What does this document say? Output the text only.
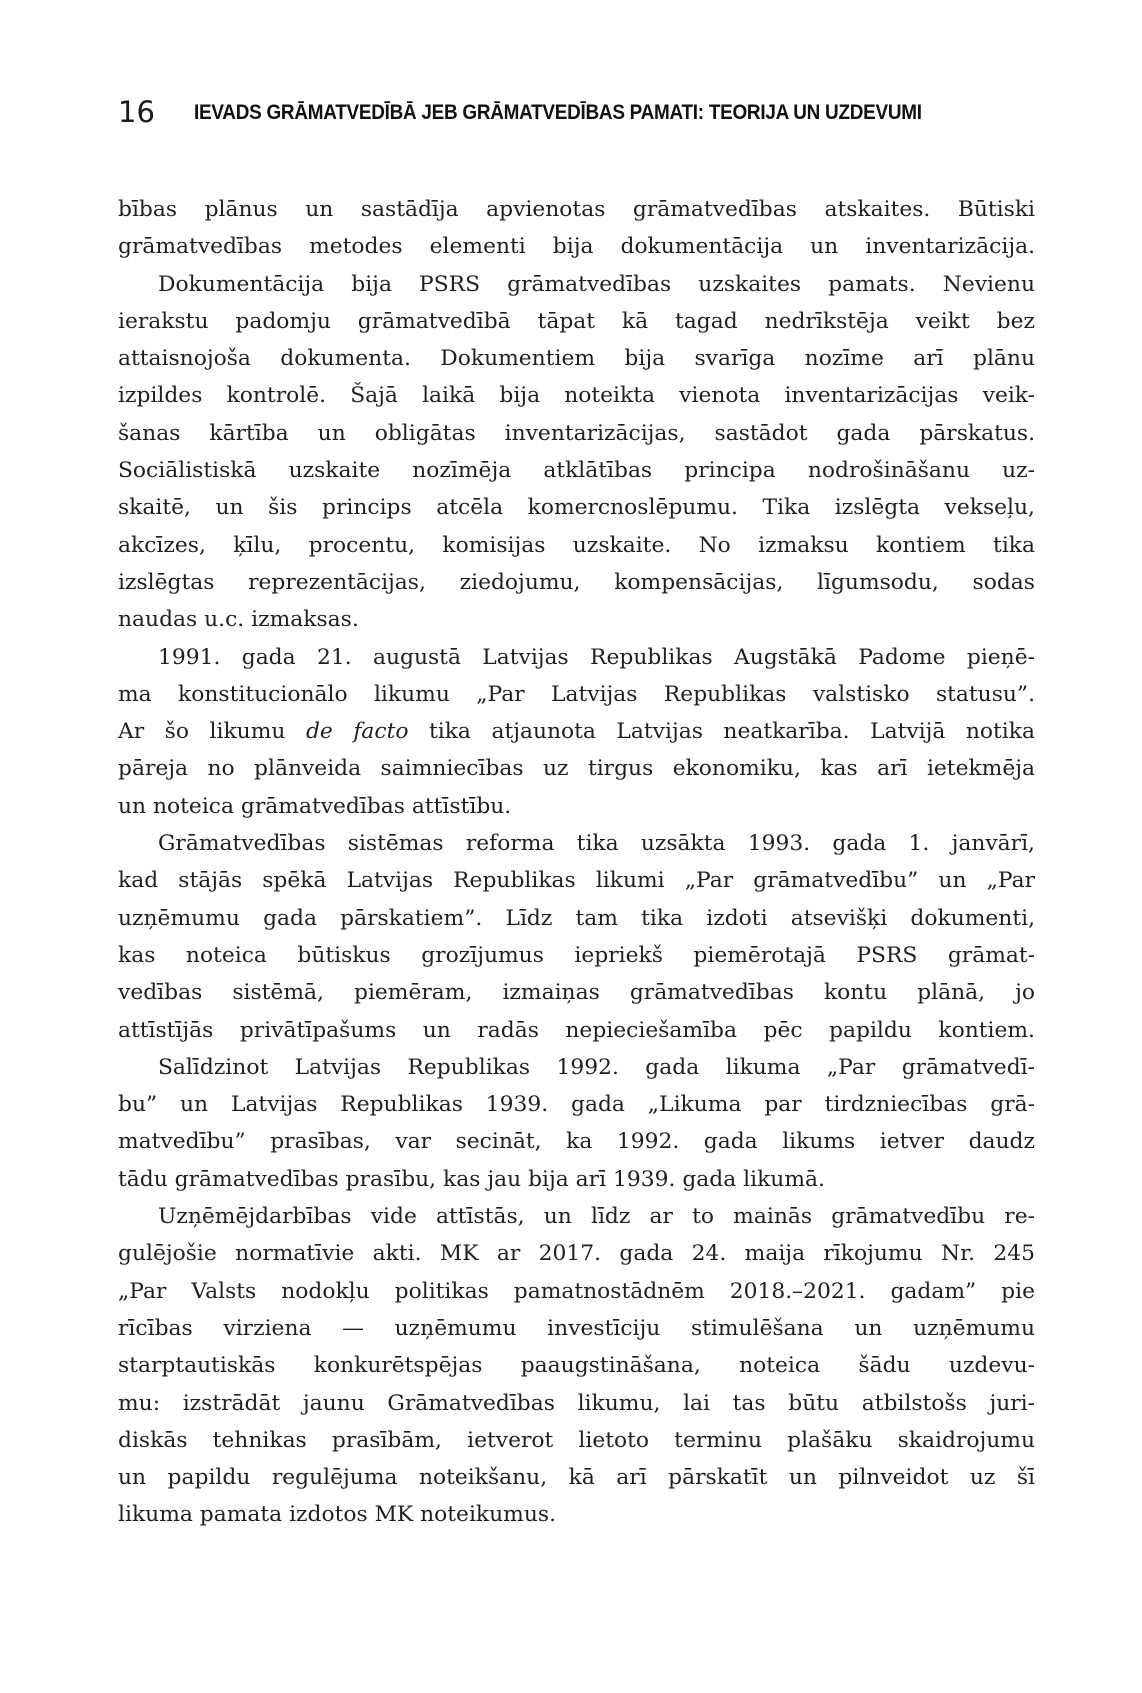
16 IEVADS GRĀMATVEDĪBĀ JEB GRĀMATVEDĪBAS PAMATI: TEORIJA UN UZDEVUMI
bības plānus un sastādīja apvienotas grāmatvedības atskaites. Būtiski
grāmatvedības metodes elementi bija dokumentācija un inventarizācija.
Dokumentācija bija PSRS grāmatvedības uzskaites pamats. Nevienu
ierakstu padomju grāmatvedībā tāpat kā tagad nedrīkstēja veikt bez
attaisnojoša dokumenta. Dokumentiem bija svarīga nozīme arī plānu
izpildes kontrolē. Šajā laikā bija noteikta vienota inventarizācijas veik-
šanas kārtība un obligātas inventarizācijas, sastādot gada pārskatus.
Sociālistiskā uzskaite nozīmēja atklātības principa nodrošināšanu uz-
skaitē, un šis princips atcēla komercnoslēpumu. Tika izslēgta vekseļu,
akcīzes, ķīlu, procentu, komisijas uzskaite. No izmaksu kontiem tika
izslēgtas reprezentācijas, ziedojumu, kompensācijas, līgumsodu, sodas
naudas u.c. izmaksas.
1991. gada 21. augustā Latvijas Republikas Augstākā Padome pieņē-
ma konstitucionālo likumu „Par Latvijas Republikas valstisko statusu”.
Ar šo likumu de facto tika atjaunota Latvijas neatkarība. Latvijā notika
pāreja no plānveida saimniecības uz tirgus ekonomiku, kas arī ietekmēja
un noteica grāmatvedības attīstību.
Grāmatvedības sistēmas reforma tika uzsākta 1993. gada 1. janvārī,
kad stājās spēkā Latvijas Republikas likumi „Par grāmatvedību” un „Par
uzņēmumu gada pārskatiem”. Līdz tam tika izdoti atsevišķi dokumenti,
kas noteica būtiskus grozījumus iepriekš piemērotajā PSRS grāmat-
vedības sistēmā, piemēram, izmaiņas grāmatvedības kontu plānā, jo
attīstījās privātīpašums un radās nepieciešamība pēc papildu kontiem.
Salīdzinot Latvijas Republikas 1992. gada likuma „Par grāmatvedī-
bu” un Latvijas Republikas 1939. gada „Likuma par tirdzniecības grā-
matvedību” prasības, var secināt, ka 1992. gada likums ietver daudz
tādu grāmatvedības prasību, kas jau bija arī 1939. gada likumā.
Uzņēmējdarbības vide attīstās, un līdz ar to mainās grāmatvedību re-
gulējošie normatīvie akti. MK ar 2017. gada 24. maija rīkojumu Nr. 245
„Par Valsts nodokļu politikas pamatnostādnēm 2018.–2021. gadam” pie
rīcības virziena — uzņēmumu investīciju stimulēšana un uzņēmumu
starptautiskās konkurētspējas paaugstināšana, noteica šādu uzdevu-
mu: izstrādāt jaunu Grāmatvedības likumu, lai tas būtu atbilstošs juri-
diskās tehnikas prasībām, ietverot lietoto terminu plašāku skaidrojumu
un papildu regulējuma noteikšanu, kā arī pārskatīt un pilnveidot uz šī
likuma pamata izdotos MK noteikumus.
